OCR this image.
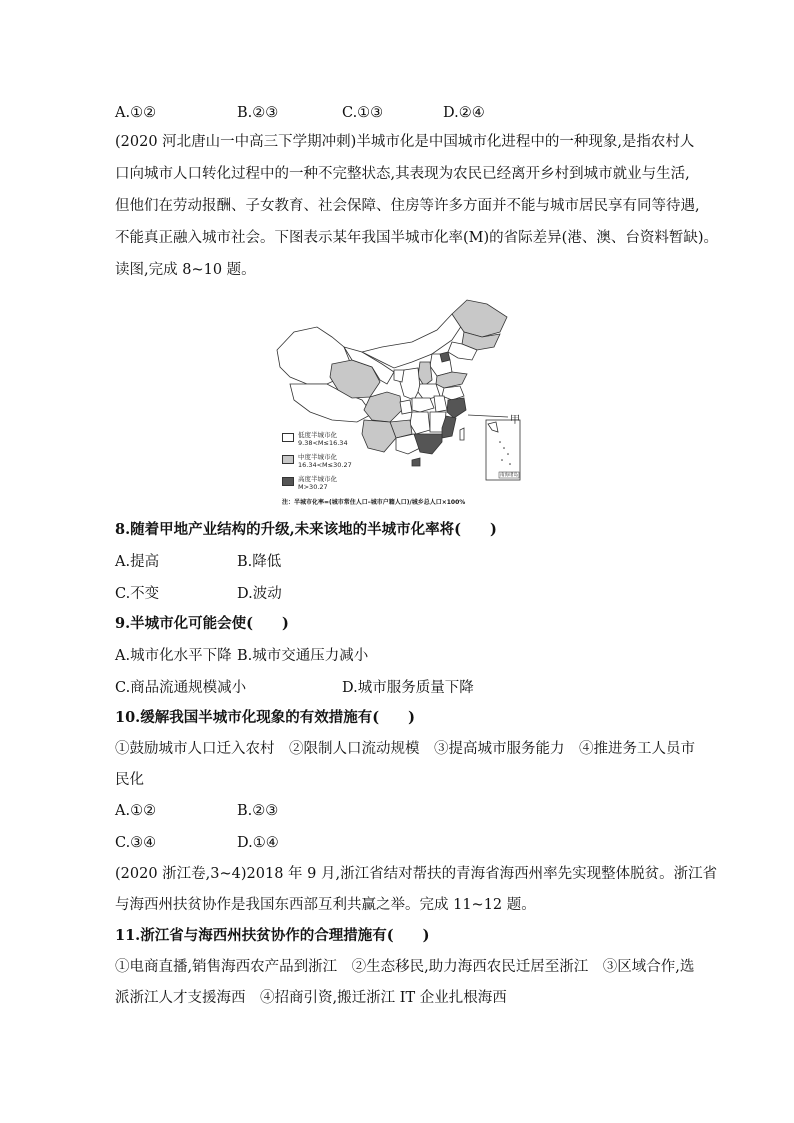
A.①②	B.②③	C.①③	D.②④
(2020 河北唐山一中高三下学期冲刺)半城市化是中国城市化进程中的一种现象,是指农村人
口向城市人口转化过程中的一种不完整状态,其表现为农民已经离开乡村到城市就业与生活,
但他们在劳动报酬、子女教育、社会保障、住房等许多方面并不能与城市居民享有同等待遇,
不能真正融入城市社会。下图表示某年我国半城市化率(M)的省际差异(港、澳、台资料暂缺)。
读图,完成 8~10 题。
甲
南海诸岛
低度半城市化
9.38<M≤16.34
中度半城市化
16.34<M≤30.27
高度半城市化
M>30.27
注：半城市化率=(城市常住人口–城市户籍人口)/城乡总人口×100%
8.随着甲地产业结构的升级,未来该地的半城市化率将(　　)
A.提高	B.降低
C.不变	D.波动
9.半城市化可能会使(　　)
A.城市化水平下降 B.城市交通压力减小
C.商品流通规模减小	D.城市服务质量下降
10.缓解我国半城市化现象的有效措施有(　　)
①鼓励城市人口迁入农村　②限制人口流动规模　③提高城市服务能力　④推进务工人员市
民化
A.①②	B.②③
C.③④	D.①④
(2020 浙江卷,3~4)2018 年 9 月,浙江省结对帮扶的青海省海西州率先实现整体脱贫。浙江省
与海西州扶贫协作是我国东西部互利共赢之举。完成 11~12 题。
11.浙江省与海西州扶贫协作的合理措施有(　　)
①电商直播,销售海西农产品到浙江　②生态移民,助力海西农民迁居至浙江　③区域合作,选
派浙江人才支援海西　④招商引资,搬迁浙江 IT 企业扎根海西
